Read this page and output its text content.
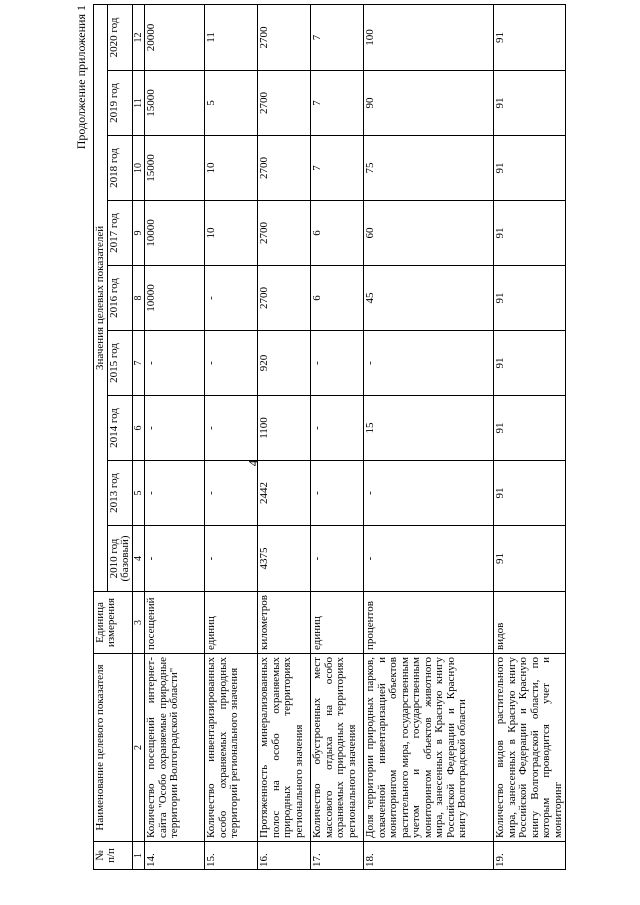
4
Продолжение приложения 1
№ п/п	Наименование целевого показателя	Единица измерения	Значения целевых показателей								
			2010 год (базовый)	2013 год	2014 год	2015 год	2016 год	2017 год	2018 год	2019 год	2020 год
1	2	3	4	5	6	7	8	9	10	11	12
14.	Количество посещений интернет-сайта "Особо охраняемые природные территории Волгоградской области"	посещений	-	-	-	-	10000	10000	15000	15000	20000
15.	Количество инвентаризированных особо охраняемых природных территорий регионального значения	единиц	-	-	-	-	-	10	10	5	11
16.	Протяженность минерализованных полос на особо охраняемых природных территориях регионального значения	километров	4375	2442	1100	920	2700	2700	2700	2700	2700
17.	Количество обустроенных мест массового отдыха на особо охраняемых природных территориях регионального значения	единиц	-	-	-	-	6	6	7	7	7
18.	Доля территории природных парков, охваченной инвентаризацией и мониторингом объектов растительного мира, государственным учетом и государственным мониторингом объектов животного мира, занесенных в Красную книгу Российской Федерации и Красную книгу Волгоградской области	процентов	-	-	15	-	45	60	75	90	100
19.	Количество видов растительного мира, занесенных в Красную книгу Российской Федерации и Красную книгу Волгоградской области, по которым проводится учет и мониторинг	видов	91	91	91	91	91	91	91	91	91
